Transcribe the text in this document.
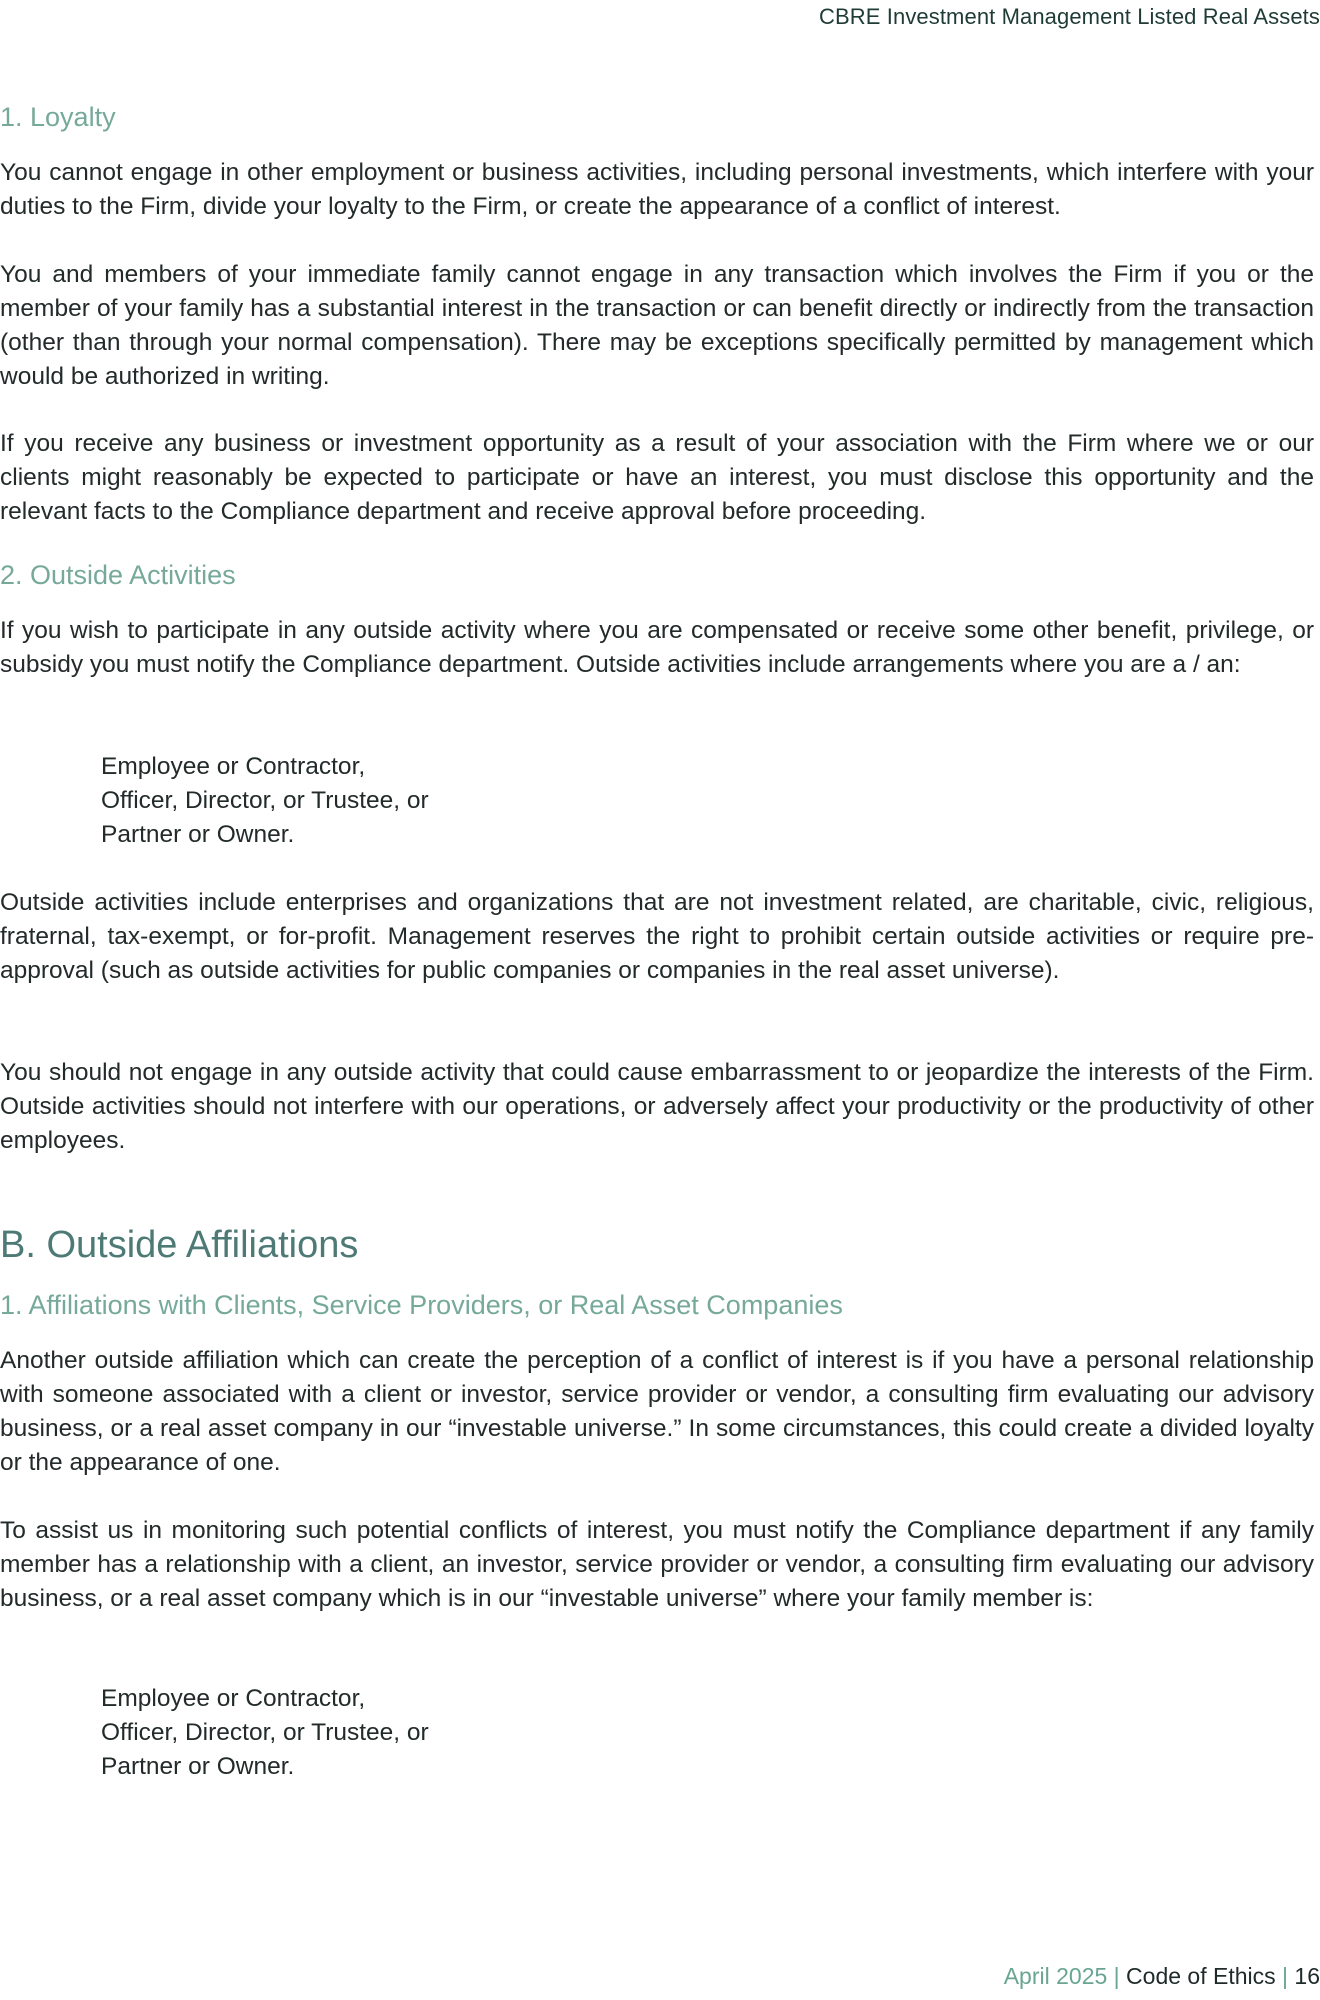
CBRE Investment Management Listed Real Assets
1. Loyalty

You cannot engage in other employment or business activities, including personal investments, which interfere with your duties to the Firm, divide your loyalty to the Firm, or create the appearance of a conflict of interest.

You and members of your immediate family cannot engage in any transaction which involves the Firm if you or the member of your family has a substantial interest in the transaction or can benefit directly or indirectly from the transaction (other than through your normal compensation). There may be exceptions specifically permitted by management which would be authorized in writing.

If you receive any business or investment opportunity as a result of your association with the Firm where we or our clients might reasonably be expected to participate or have an interest, you must disclose this opportunity and the relevant facts to the Compliance department and receive approval before proceeding.

2. Outside Activities

If you wish to participate in any outside activity where you are compensated or receive some other benefit, privilege, or subsidy you must notify the Compliance department. Outside activities include arrangements where you are a / an:

Employee or Contractor,
Officer, Director, or Trustee, or
Partner or Owner.

Outside activities include enterprises and organizations that are not investment related, are charitable, civic, religious, fraternal, tax-exempt, or for-profit. Management reserves the right to prohibit certain outside activities or require pre-approval (such as outside activities for public companies or companies in the real asset universe).

You should not engage in any outside activity that could cause embarrassment to or jeopardize the interests of the Firm. Outside activities should not interfere with our operations, or adversely affect your productivity or the productivity of other employees.

B. Outside Affiliations
1. Affiliations with Clients, Service Providers, or Real Asset Companies

Another outside affiliation which can create the perception of a conflict of interest is if you have a personal relationship with someone associated with a client or investor, service provider or vendor, a consulting firm evaluating our advisory business, or a real asset company in our “investable universe.” In some circumstances, this could create a divided loyalty or the appearance of one.

To assist us in monitoring such potential conflicts of interest, you must notify the Compliance department if any family member has a relationship with a client, an investor, service provider or vendor, a consulting firm evaluating our advisory business, or a real asset company which is in our “investable universe” where your family member is:

Employee or Contractor,
Officer, Director, or Trustee, or
Partner or Owner.
April 2025 | Code of Ethics | 16
